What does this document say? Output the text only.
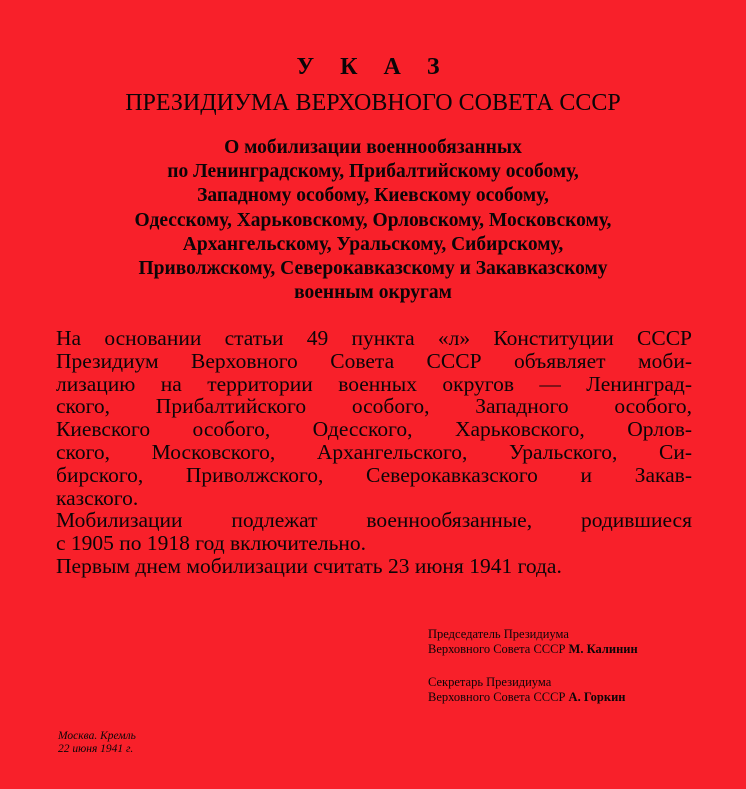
У К А З
ПРЕЗИДИУМА ВЕРХОВНОГО СОВЕТА СССР
О мобилизации военнообязанных
по Ленинградскому, Прибалтийскому особому,
Западному особому, Киевскому особому,
Одесскому, Харьковскому, Орловскому, Московскому,
Архангельскому, Уральскому, Сибирскому,
Приволжскому, Северокавказскому и Закавказскому
военным округам
На основании статьи 49 пункта «л» Конституции СССР
Президиум Верховного Совета СССР объявляет моби-
лизацию на территории военных округов — Ленинград-
ского, Прибалтийского особого, Западного особого,
Киевского особого, Одесского, Харьковского, Орлов-
ского, Московского, Архангельского, Уральского, Си-
бирского, Приволжского, Северокавказского и Закав-
казского.
Мобилизации подлежат военнообязанные, родившиеся
с 1905 по 1918 год включительно.
Первым днем мобилизации считать 23 июня 1941 года.
Председатель Президиума
Верховного Совета СССР М. Калинин
Секретарь Президиума
Верховного Совета СССР А. Горкин
Москва. Кремль
22 июня 1941 г.
